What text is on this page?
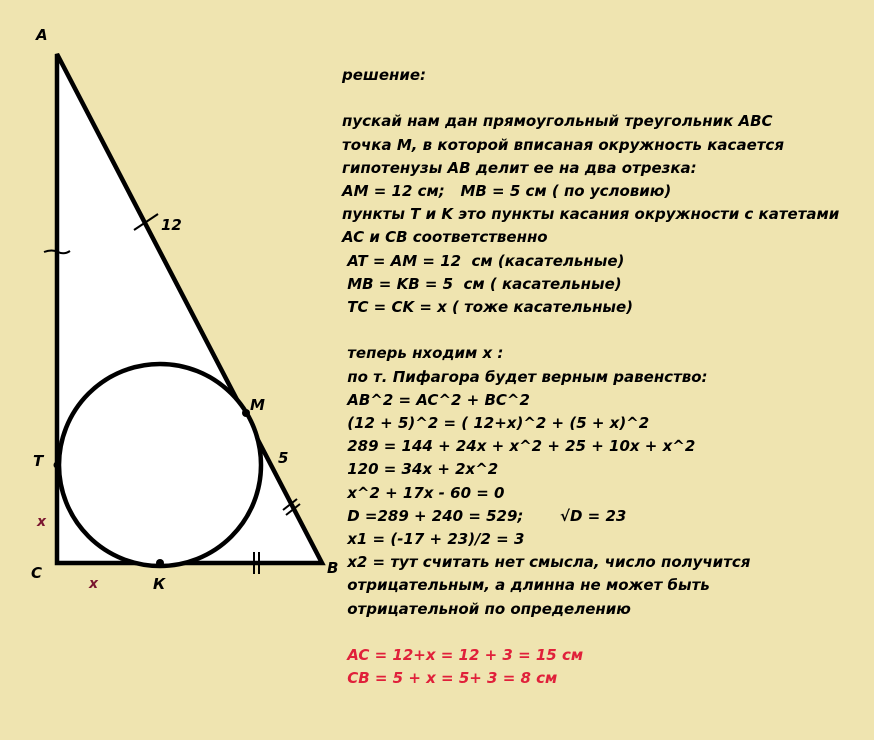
A
B
C
M
T
К
12
5
x
x
решение:
пускай нам дан прямоугольный треугольник ABC
точка M, в которой вписаная окружность касается
гипотенузы AB делит ее на два отрезка:
AM = 12 см;   MB = 5 см ( по условию)
пункты T и K это пункты касания окружности с катетами
AC и CB соответственно
AT = AM = 12  см (касательные)
MB = KB = 5  см ( касательные)
TC = CK = x ( тоже касательные)
теперь нходим x :
по т. Пифагора будет верным равенство:
AB^2 = AC^2 + BC^2
(12 + 5)^2 = ( 12+x)^2 + (5 + x)^2
289 = 144 + 24x + x^2 + 25 + 10x + x^2
120 = 34x + 2x^2
x^2 + 17x - 60 = 0
D =289 + 240 = 529;       √D = 23
x1 = (-17 + 23)/2 = 3
x2 = тут считать нет смысла, число получится
отрицательным, а длинна не может быть
отрицательной по определению
AC = 12+x = 12 + 3 = 15 см
CB = 5 + x = 5+ 3 = 8 см
